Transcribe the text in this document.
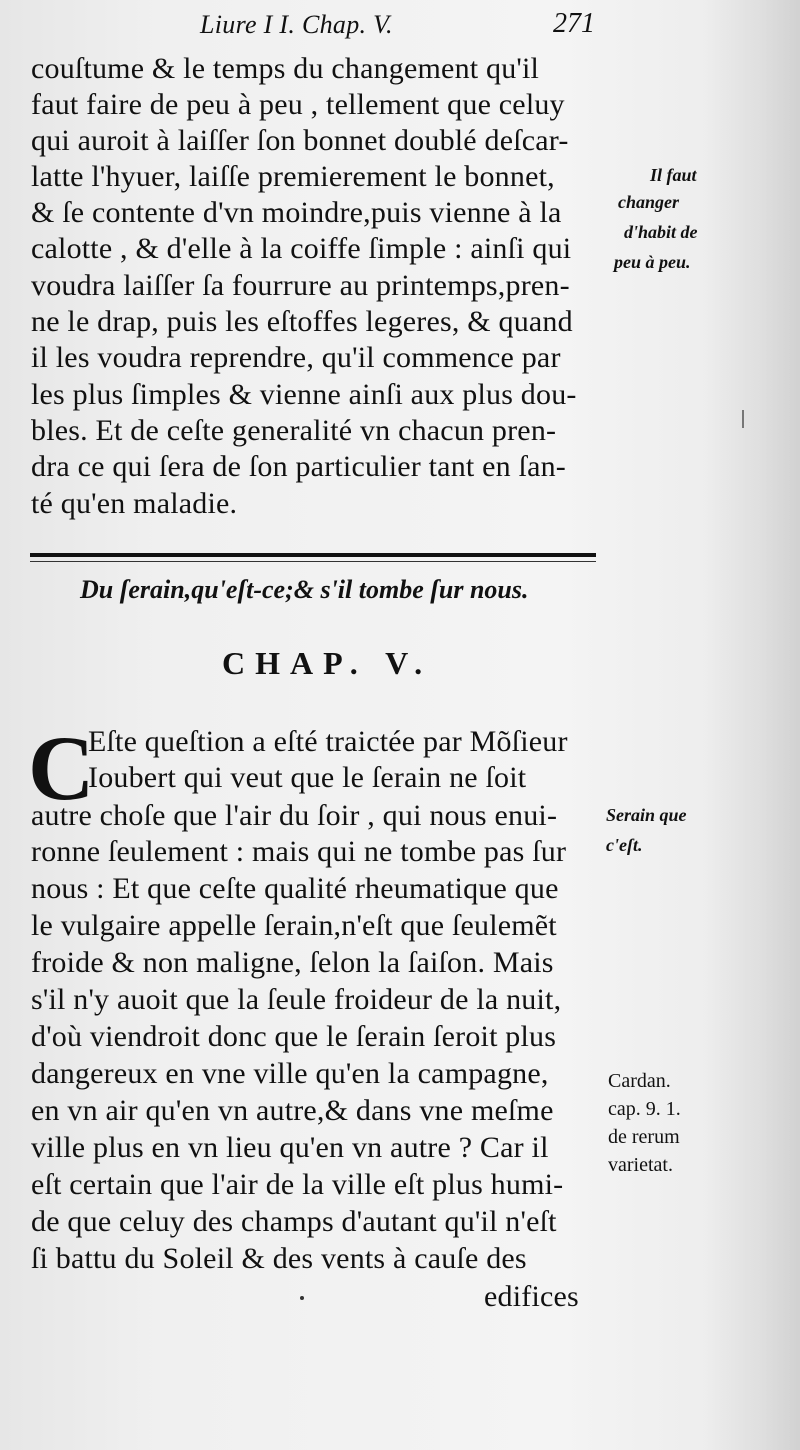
Liure I I. Chap. V.	271
couſtume & le temps du changement qu'il
faut faire de peu à peu , tellement que celuy
qui auroit à laiſſer ſon bonnet doublé deſcar-
latte l'hyuer, laiſſe premierement le bonnet,
& ſe contente d'vn moindre,puis vienne à la
calotte , & d'elle à la coiffe ſimple : ainſi qui
voudra laiſſer ſa fourrure au printemps,pren-
ne le drap, puis les eſtoffes legeres, & quand
il les voudra reprendre, qu'il commence par
les plus ſimples & vienne ainſi aux plus dou-
bles. Et de ceſte generalité vn chacun pren-
dra ce qui ſera de ſon particulier tant en ſan-
té qu'en maladie.
Il faut
changer
d'habit de
peu à peu.
Du ſerain,qu'eſt-ce;& s'il tombe ſur nous.
CHAP. V.
C
Eſte queſtion a eſté traictée par Mõſieur
Ioubert qui veut que le ſerain ne ſoit
autre choſe que l'air du ſoir , qui nous enui-
ronne ſeulement : mais qui ne tombe pas ſur
nous : Et que ceſte qualité rheumatique que
le vulgaire appelle ſerain,n'eſt que ſeulemẽt
froide & non maligne, ſelon la ſaiſon. Mais
s'il n'y auoit que la ſeule froideur de la nuit,
d'où viendroit donc que le ſerain ſeroit plus
dangereux en vne ville qu'en la campagne,
en vn air qu'en vn autre,& dans vne meſme
ville plus en vn lieu qu'en vn autre ? Car il
eſt certain que l'air de la ville eſt plus humi-
de que celuy des champs d'autant qu'il n'eſt
ſi battu du Soleil & des vents à cauſe des
edifices
Serain que
c'eſt.
Cardan.
cap. 9. 1.
de rerum
varietat.
